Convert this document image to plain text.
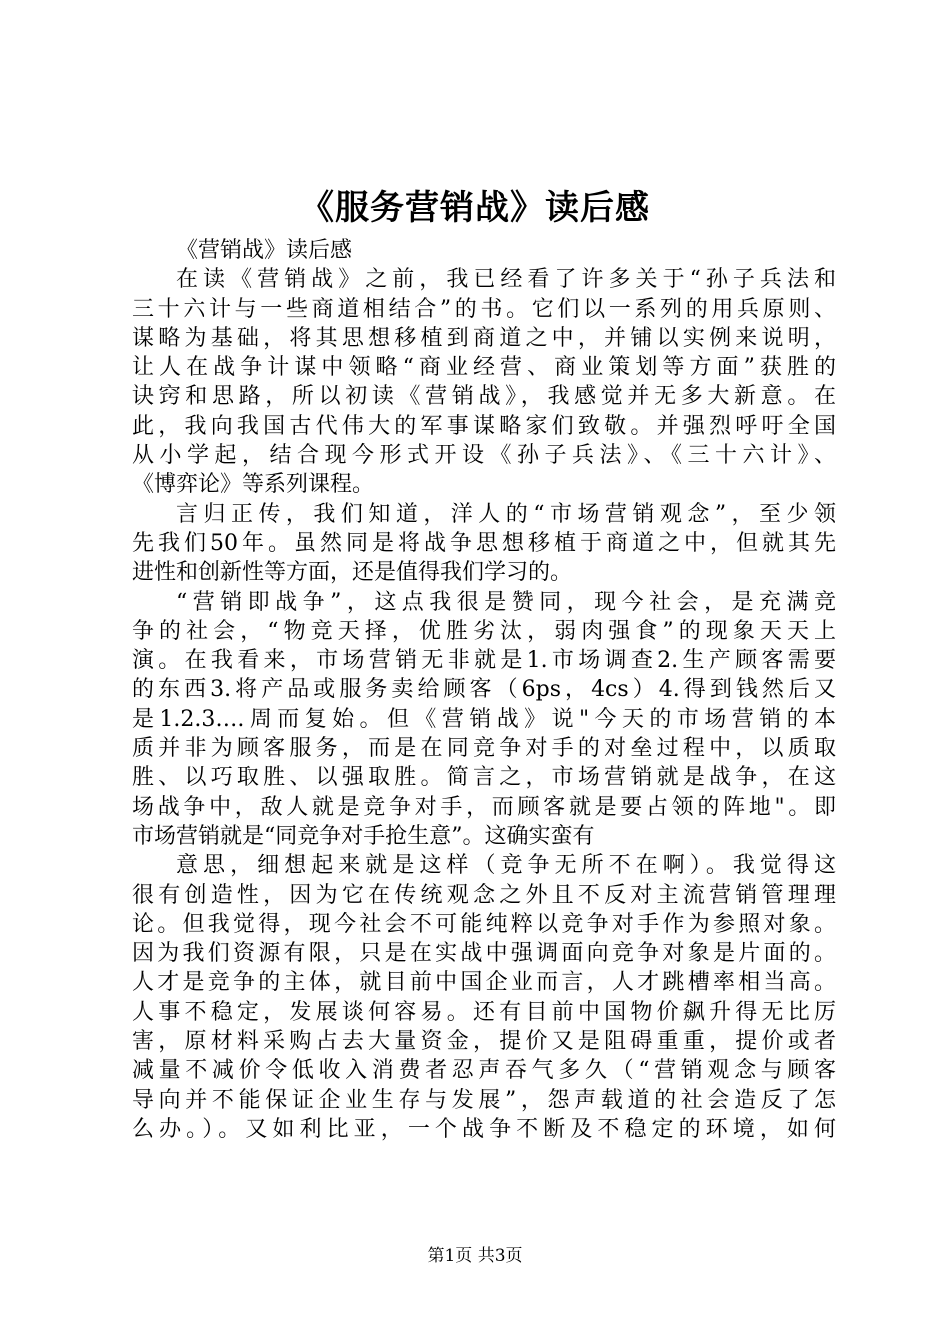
《服务营销战》读后感
《营销战》读后感
在读《营销战》之前，我已经看了许多关于“孙子兵法和
三十六计与一些商道相结合”的书。它们以一系列的用兵原则、
谋略为基础，将其思想移植到商道之中，并铺以实例来说明，
让人在战争计谋中领略“商业经营、商业策划等方面”获胜的
诀窍和思路，所以初读《营销战》，我感觉并无多大新意。在
此，我向我国古代伟大的军事谋略家们致敬。并强烈呼吁全国
从小学起，结合现今形式开设《孙子兵法》、《三十六计》、
《博弈论》等系列课程。
言归正传，我们知道，洋人的“市场营销观念”，至少领
先我们50年。虽然同是将战争思想移植于商道之中，但就其先
进性和创新性等方面，还是值得我们学习的。
“营销即战争”，这点我很是赞同，现今社会，是充满竞
争的社会，“物竞天择，优胜劣汰，弱肉强食”的现象天天上
演。在我看来，市场营销无非就是1.市场调查2.生产顾客需要
的东西3.将产品或服务卖给顾客（6ps，4cs）4.得到钱然后又
是1.2.3….周而复始。但《营销战》说"今天的市场营销的本
质并非为顾客服务，而是在同竞争对手的对垒过程中，以质取
胜、以巧取胜、以强取胜。简言之，市场营销就是战争，在这
场战争中，敌人就是竞争对手，而顾客就是要占领的阵地"。即
市场营销就是“同竞争对手抢生意”。这确实蛮有
意思，细想起来就是这样（竞争无所不在啊）。我觉得这
很有创造性，因为它在传统观念之外且不反对主流营销管理理
论。但我觉得，现今社会不可能纯粹以竞争对手作为参照对象。
因为我们资源有限，只是在实战中强调面向竞争对象是片面的。
人才是竞争的主体，就目前中国企业而言，人才跳槽率相当高。
人事不稳定，发展谈何容易。还有目前中国物价飙升得无比厉
害，原材料采购占去大量资金，提价又是阻碍重重，提价或者
减量不减价令低收入消费者忍声吞气多久（“营销观念与顾客
导向并不能保证企业生存与发展”，怨声载道的社会造反了怎
么办。）。又如利比亚，一个战争不断及不稳定的环境，如何
第1页 共3页
